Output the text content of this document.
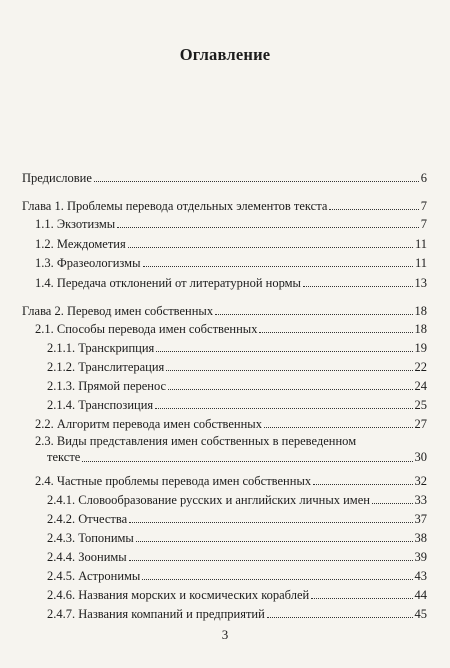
Оглавление
Предисловие	6
Глава 1. Проблемы перевода отдельных элементов текста	7
1.1. Экзотизмы	7
1.2. Междометия	11
1.3. Фразеологизмы	11
1.4. Передача отклонений от литературной нормы	13
Глава 2. Перевод имен собственных	18
2.1. Способы перевода имен собственных	18
2.1.1. Транскрипция	19
2.1.2. Транслитерация	22
2.1.3. Прямой перенос	24
2.1.4. Транспозиция	25
2.2. Алгоритм перевода имен собственных	27
2.3. Виды представления имен собственных в переведенном
тексте	30
2.4. Частные проблемы перевода имен собственных	32
2.4.1. Словообразование русских и английских личных имен	33
2.4.2. Отчества	37
2.4.3. Топонимы	38
2.4.4. Зоонимы	39
2.4.5. Астронимы	43
2.4.6. Названия морских и космических кораблей	44
2.4.7. Названия компаний и предприятий	45
3
